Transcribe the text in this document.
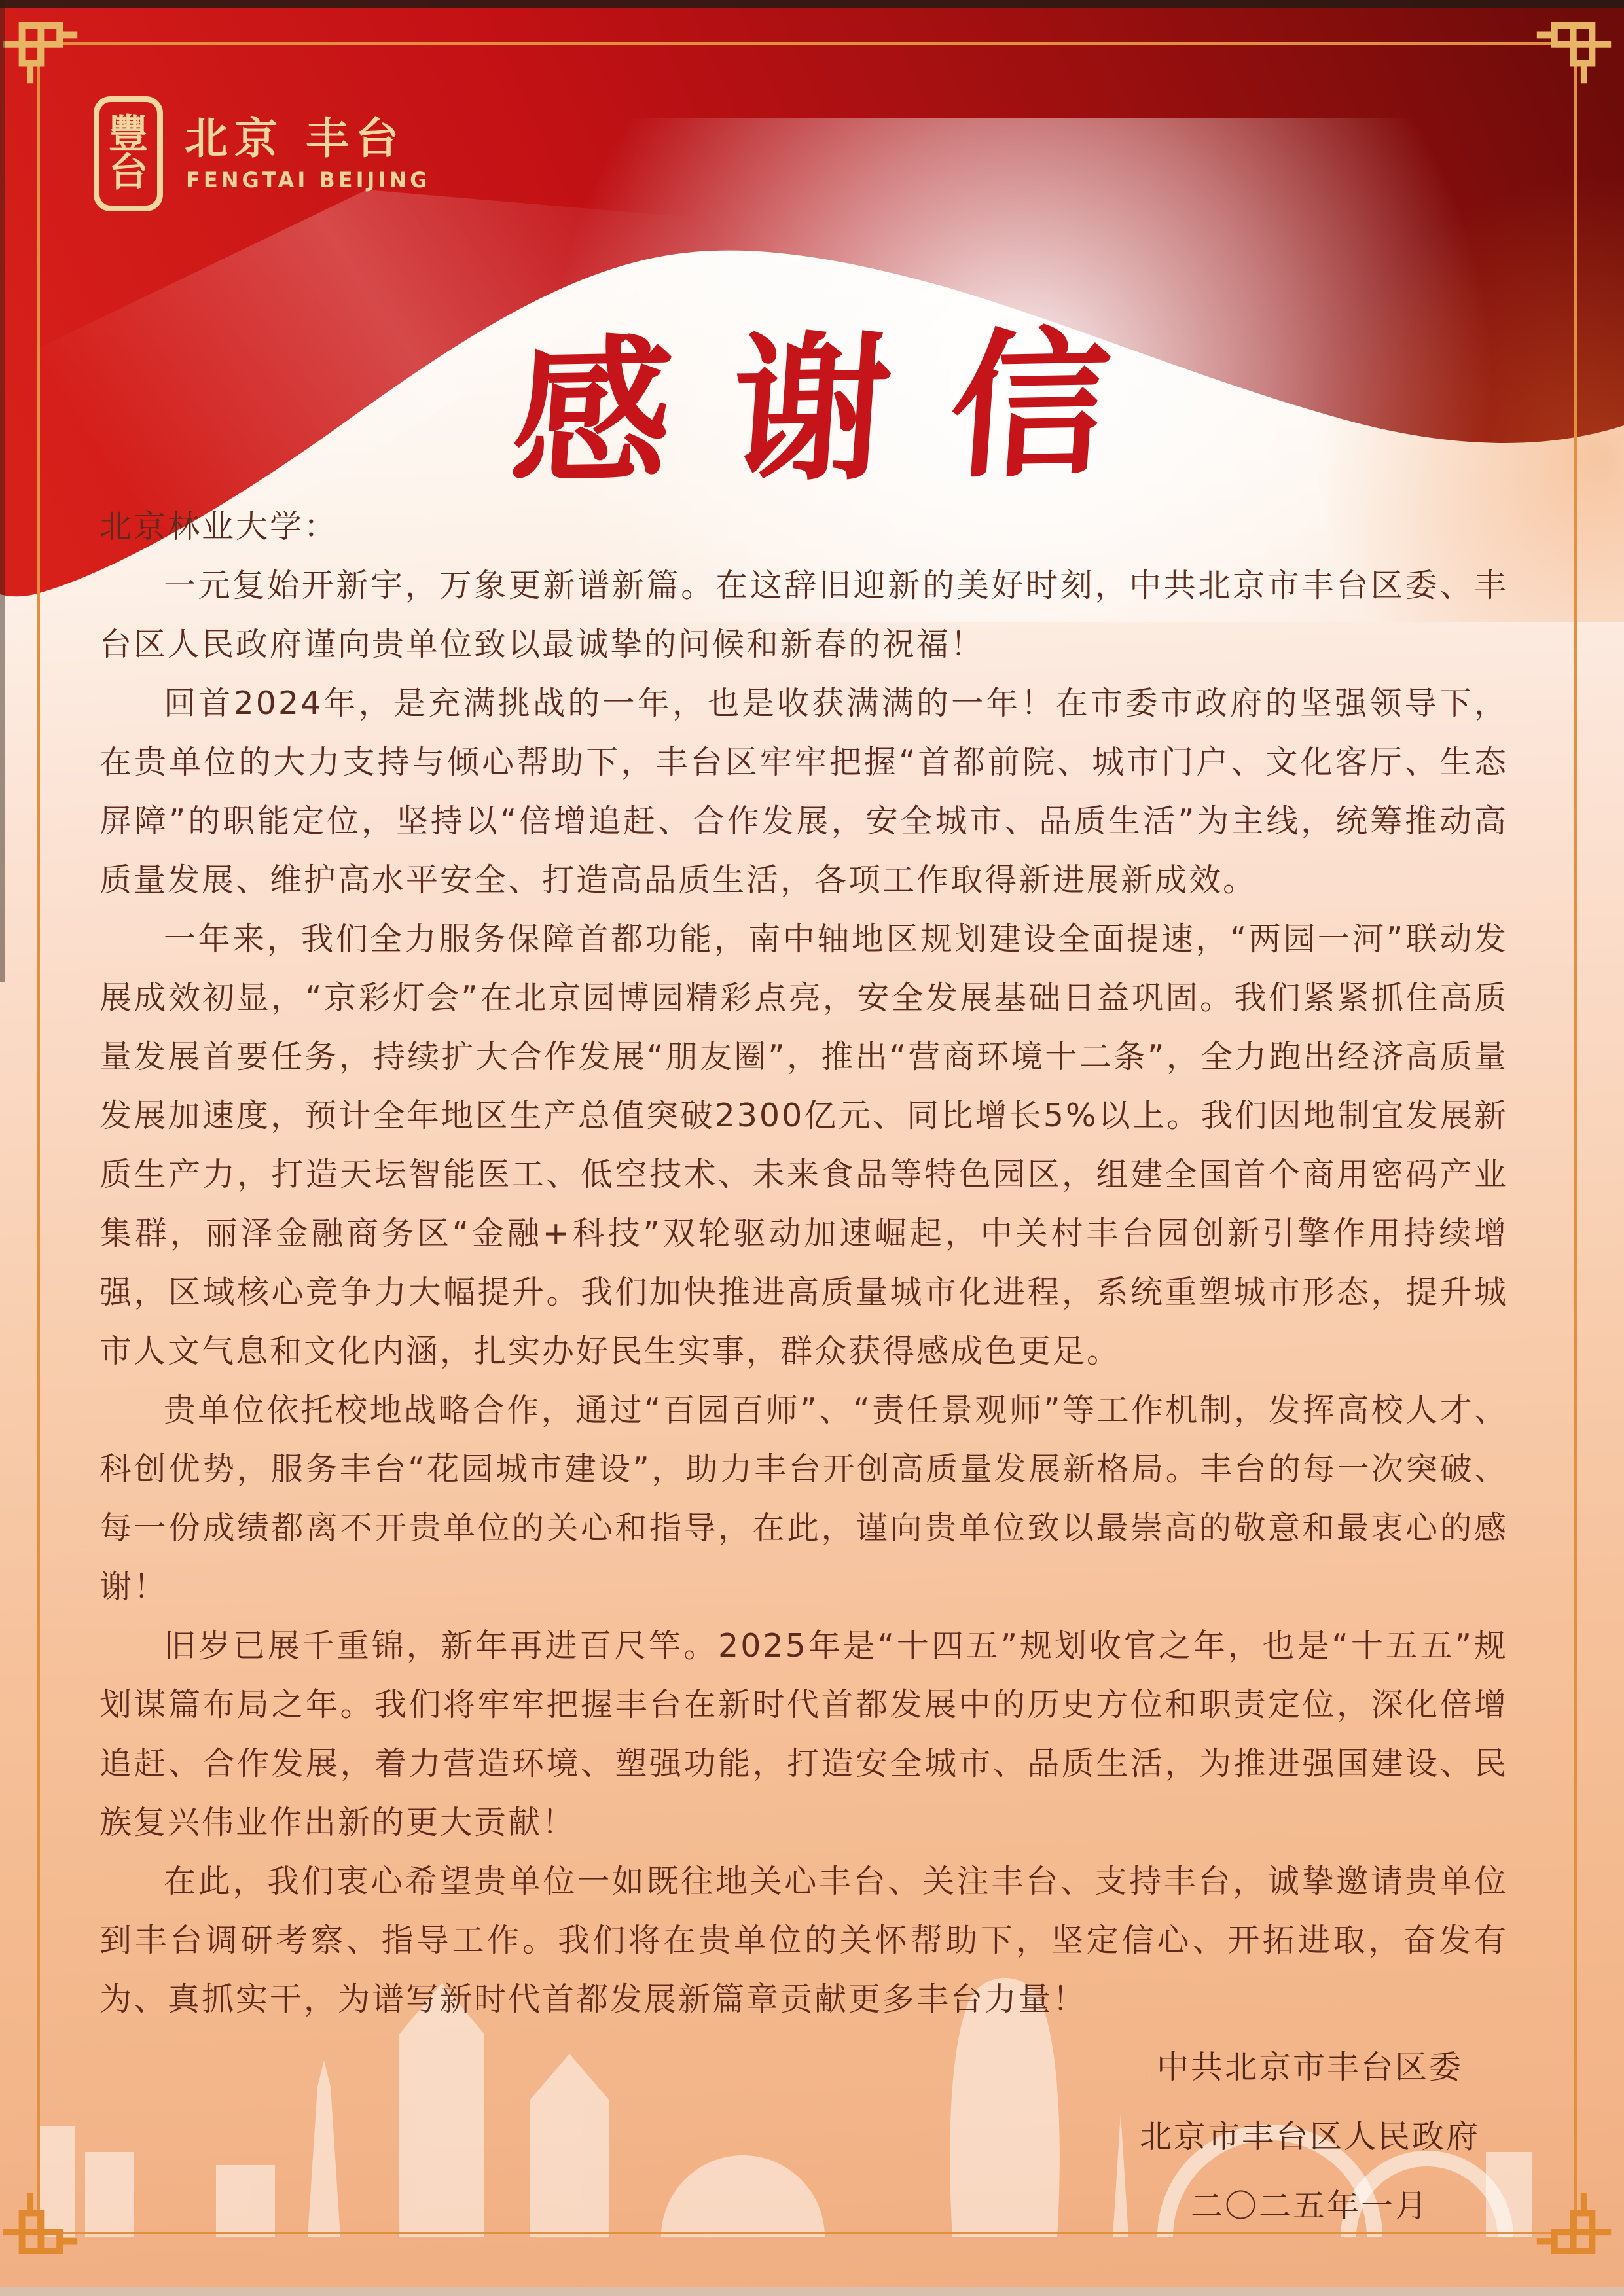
豐
台
北京 丰台
FENGTAI BEIJING
感谢信

北京林业大学：

一元复始开新宇，万象更新谱新篇。在这辞旧迎新的美好时刻，中共北京市丰台区委、丰台区人民政府谨向贵单位致以最诚挚的问候和新春的祝福！

回首2024年，是充满挑战的一年，也是收获满满的一年！在市委市政府的坚强领导下，在贵单位的大力支持与倾心帮助下，丰台区牢牢把握“首都前院、城市门户、文化客厅、生态屏障”的职能定位，坚持以“倍增追赶、合作发展，安全城市、品质生活”为主线，统筹推动高质量发展、维护高水平安全、打造高品质生活，各项工作取得新进展新成效。

一年来，我们全力服务保障首都功能，南中轴地区规划建设全面提速，“两园一河”联动发展成效初显，“京彩灯会”在北京园博园精彩点亮，安全发展基础日益巩固。我们紧紧抓住高质量发展首要任务，持续扩大合作发展“朋友圈”，推出“营商环境十二条”，全力跑出经济高质量发展加速度，预计全年地区生产总值突破2300亿元、同比增长5%以上。我们因地制宜发展新质生产力，打造天坛智能医工、低空技术、未来食品等特色园区，组建全国首个商用密码产业集群，丽泽金融商务区“金融+科技”双轮驱动加速崛起，中关村丰台园创新引擎作用持续增强，区域核心竞争力大幅提升。我们加快推进高质量城市化进程，系统重塑城市形态，提升城市人文气息和文化内涵，扎实办好民生实事，群众获得感成色更足。

贵单位依托校地战略合作，通过“百园百师”、“责任景观师”等工作机制，发挥高校人才、科创优势，服务丰台“花园城市建设”，助力丰台开创高质量发展新格局。丰台的每一次突破、每一份成绩都离不开贵单位的关心和指导，在此，谨向贵单位致以最崇高的敬意和最衷心的感谢！

旧岁已展千重锦，新年再进百尺竿。2025年是“十四五”规划收官之年，也是“十五五”规划谋篇布局之年。我们将牢牢把握丰台在新时代首都发展中的历史方位和职责定位，深化倍增追赶、合作发展，着力营造环境、塑强功能，打造安全城市、品质生活，为推进强国建设、民族复兴伟业作出新的更大贡献！

在此，我们衷心希望贵单位一如既往地关心丰台、关注丰台、支持丰台，诚挚邀请贵单位到丰台调研考察、指导工作。我们将在贵单位的关怀帮助下，坚定信心、开拓进取，奋发有为、真抓实干，为谱写新时代首都发展新篇章贡献更多丰台力量！

中共北京市丰台区委
北京市丰台区人民政府
二〇二五年一月
